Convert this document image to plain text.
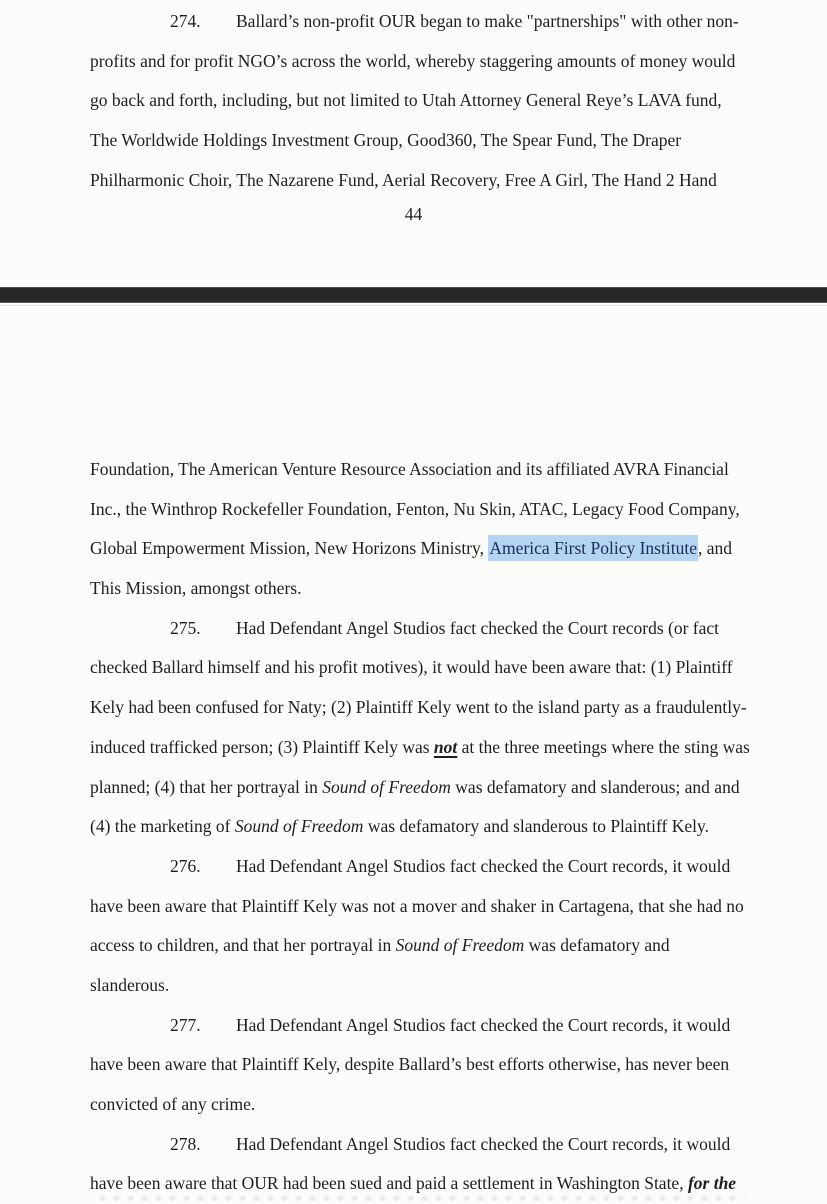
274. Ballard’s non-profit OUR began to make "partnerships" with other non-
profits and for profit NGO’s across the world, whereby staggering amounts of money would
go back and forth, including, but not limited to Utah Attorney General Reye’s LAVA fund,
The Worldwide Holdings Investment Group, Good360, The Spear Fund, The Draper
Philharmonic Choir, The Nazarene Fund, Aerial Recovery, Free A Girl, The Hand 2 Hand
44
Foundation, The American Venture Resource Association and its affiliated AVRA Financial
Inc., the Winthrop Rockefeller Foundation, Fenton, Nu Skin, ATAC, Legacy Food Company,
Global Empowerment Mission, New Horizons Ministry, America First Policy Institute, and
This Mission, amongst others.
275. Had Defendant Angel Studios fact checked the Court records (or fact
checked Ballard himself and his profit motives), it would have been aware that: (1) Plaintiff
Kely had been confused for Naty; (2) Plaintiff Kely went to the island party as a fraudulently-
induced trafficked person; (3) Plaintiff Kely was not at the three meetings where the sting was
planned; (4) that her portrayal in Sound of Freedom was defamatory and slanderous; and and
(4) the marketing of Sound of Freedom was defamatory and slanderous to Plaintiff Kely.
276. Had Defendant Angel Studios fact checked the Court records, it would
have been aware that Plaintiff Kely was not a mover and shaker in Cartagena, that she had no
access to children, and that her portrayal in Sound of Freedom was defamatory and
slanderous.
277. Had Defendant Angel Studios fact checked the Court records, it would
have been aware that Plaintiff Kely, despite Ballard’s best efforts otherwise, has never been
convicted of any crime.
278. Had Defendant Angel Studios fact checked the Court records, it would
have been aware that OUR had been sued and paid a settlement in Washington State, for the
